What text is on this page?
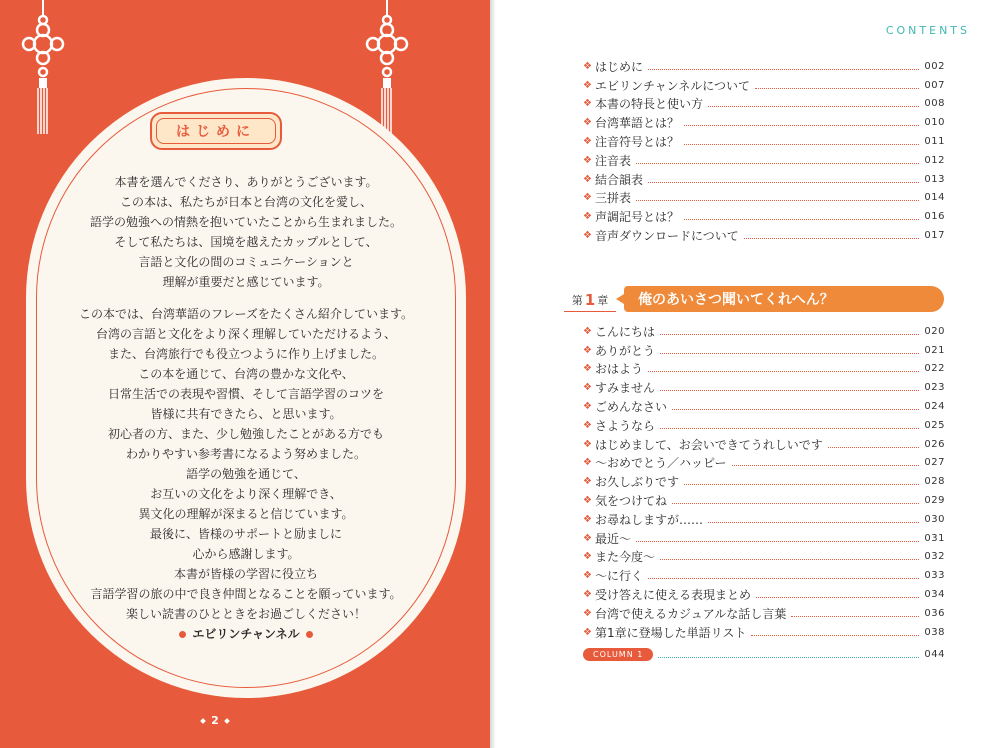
はじめに
本書を選んでくださり、ありがとうございます。
この本は、私たちが日本と台湾の文化を愛し、
語学の勉強への情熱を抱いていたことから生まれました。
そして私たちは、国境を越えたカップルとして、
言語と文化の間のコミュニケーションと
理解が重要だと感じています。
この本では、台湾華語のフレーズをたくさん紹介しています。
台湾の言語と文化をより深く理解していただけるよう、
また、台湾旅行でも役立つように作り上げました。
この本を通じて、台湾の豊かな文化や、
日常生活での表現や習慣、そして言語学習のコツを
皆様に共有できたら、と思います。
初心者の方、また、少し勉強したことがある方でも
わかりやすい参考書になるよう努めました。
語学の勉強を通じて、
お互いの文化をより深く理解でき、
異文化の理解が深まると信じています。
最後に、皆様のサポートと励ましに
心から感謝します。
本書が皆様の学習に役立ち
言語学習の旅の中で良き仲間となることを願っています。
楽しい読書のひとときをお過ごしください！
エビリンチャンネル
2
CONTENTS
❖ はじめに	002
❖ エビリンチャンネルについて	007
❖ 本書の特長と使い方	008
❖ 台湾華語とは？	010
❖ 注音符号とは？	011
❖ 注音表	012
❖ 結合韻表	013
❖ 三拼表	014
❖ 声調記号とは？	016
❖ 音声ダウンロードについて	017
第 1 章	俺のあいさつ聞いてくれへん？
❖ こんにちは	020
❖ ありがとう	021
❖ おはよう	022
❖ すみません	023
❖ ごめんなさい	024
❖ さようなら	025
❖ はじめまして、お会いできてうれしいです	026
❖ ～おめでとう／ハッピー	027
❖ お久しぶりです	028
❖ 気をつけてね	029
❖ お尋ねしますが……	030
❖ 最近～	031
❖ また今度～	032
❖ ～に行く	033
❖ 受け答えに使える表現まとめ	034
❖ 台湾で使えるカジュアルな話し言葉	036
❖ 第1章に登場した単語リスト	038
COLUMN 1	044
